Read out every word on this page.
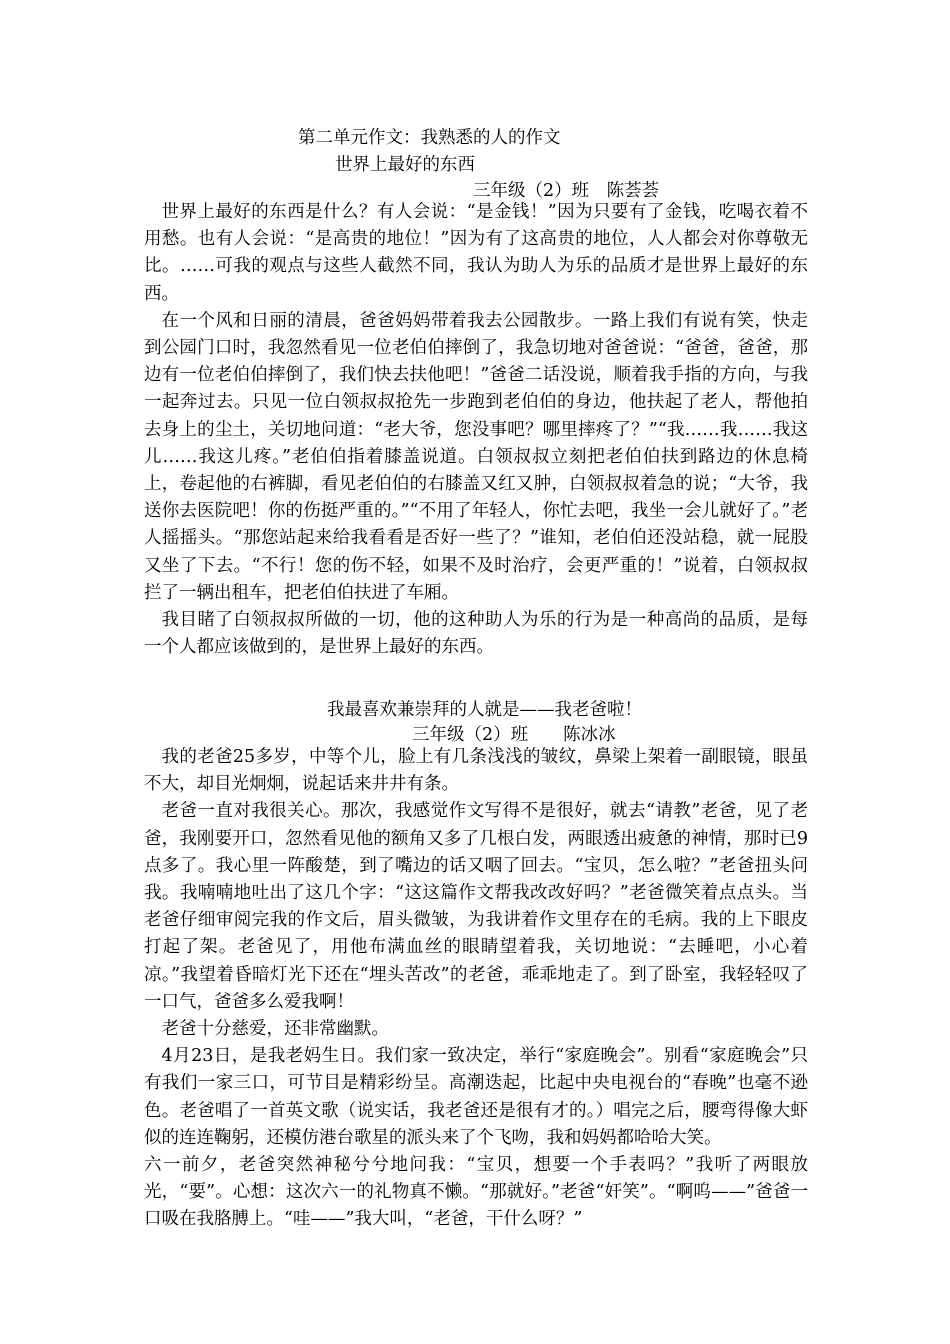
第二单元作文：我熟悉的人的作文
世界上最好的东西
三年级（2）班　陈荟荟

世界上最好的东西是什么？有人会说：“是金钱！”因为只要有了金钱，吃喝衣着不用愁。也有人会说：“是高贵的地位！”因为有了这高贵的地位，人人都会对你尊敬无比。……可我的观点与这些人截然不同，我认为助人为乐的品质才是世界上最好的东西。

在一个风和日丽的清晨，爸爸妈妈带着我去公园散步。一路上我们有说有笑，快走到公园门口时，我忽然看见一位老伯伯摔倒了，我急切地对爸爸说：“爸爸，爸爸，那边有一位老伯伯摔倒了，我们快去扶他吧！”爸爸二话没说，顺着我手指的方向，与我一起奔过去。只见一位白领叔叔抢先一步跑到老伯伯的身边，他扶起了老人，帮他拍去身上的尘土，关切地问道：“老大爷，您没事吧？哪里摔疼了？”“我……我……我这儿……我这儿疼。”老伯伯指着膝盖说道。白领叔叔立刻把老伯伯扶到路边的休息椅上，卷起他的右裤脚，看见老伯伯的右膝盖又红又肿，白领叔叔着急的说；“大爷，我送你去医院吧！你的伤挺严重的。”“不用了年轻人，你忙去吧，我坐一会儿就好了。”老人摇摇头。“那您站起来给我看看是否好一些了？”谁知，老伯伯还没站稳，就一屁股又坐了下去。“不行！您的伤不轻，如果不及时治疗，会更严重的！”说着，白领叔叔拦了一辆出租车，把老伯伯扶进了车厢。

我目睹了白领叔叔所做的一切，他的这种助人为乐的行为是一种高尚的品质，是每一个人都应该做到的，是世界上最好的东西。

我最喜欢兼崇拜的人就是——我老爸啦！
三年级（2）班　　陈冰冰

我的老爸25多岁，中等个儿，脸上有几条浅浅的皱纹，鼻梁上架着一副眼镜，眼虽不大，却目光炯炯，说起话来井井有条。

老爸一直对我很关心。那次，我感觉作文写得不是很好，就去“请教”老爸，见了老爸，我刚要开口，忽然看见他的额角又多了几根白发，两眼透出疲惫的神情，那时已9点多了。我心里一阵酸楚，到了嘴边的话又咽了回去。“宝贝，怎么啦？”老爸扭头问我。我喃喃地吐出了这几个字：“这这篇作文帮我改改好吗？”老爸微笑着点点头。当老爸仔细审阅完我的作文后，眉头微皱，为我讲着作文里存在的毛病。我的上下眼皮打起了架。老爸见了，用他布满血丝的眼睛望着我，关切地说：“去睡吧，小心着凉。”我望着昏暗灯光下还在“埋头苦改”的老爸，乖乖地走了。到了卧室，我轻轻叹了一口气，爸爸多么爱我啊！

老爸十分慈爱，还非常幽默。

4月23日，是我老妈生日。我们家一致决定，举行“家庭晚会”。别看“家庭晚会”只有我们一家三口，可节目是精彩纷呈。高潮迭起，比起中央电视台的“春晚”也毫不逊色。老爸唱了一首英文歌（说实话，我老爸还是很有才的。）唱完之后，腰弯得像大虾似的连连鞠躬，还模仿港台歌星的派头来了个飞吻，我和妈妈都哈哈大笑。

六一前夕，老爸突然神秘兮兮地问我：“宝贝，想要一个手表吗？”我听了两眼放光，“要”。心想：这次六一的礼物真不懒。“那就好。”老爸“奸笑”。“啊呜——”爸爸一口吸在我胳膊上。“哇——”我大叫，“老爸，干什么呀？”
